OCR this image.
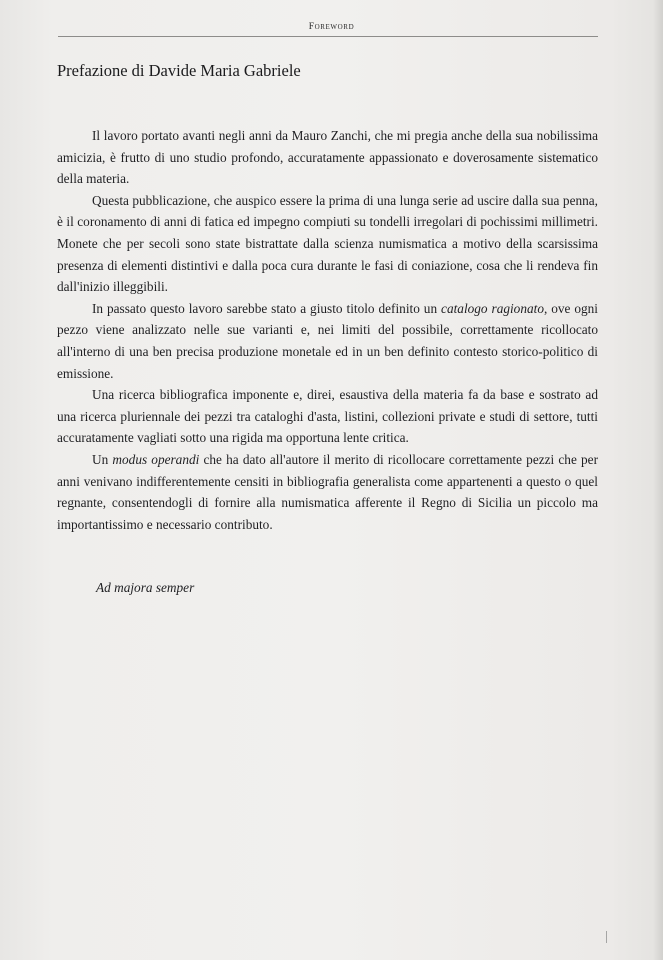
Foreword
Prefazione di Davide Maria Gabriele

Il lavoro portato avanti negli anni da Mauro Zanchi, che mi pregia anche della sua nobilissima amicizia, è frutto di uno studio profondo, accuratamente appassionato e doverosamente sistematico della materia.

Questa pubblicazione, che auspico essere la prima di una lunga serie ad uscire dalla sua penna, è il coronamento di anni di fatica ed impegno compiuti su tondelli irregolari di pochissimi millimetri. Monete che per secoli sono state bistrattate dalla scienza numismatica a motivo della scarsissima presenza di elementi distintivi e dalla poca cura durante le fasi di coniazione, cosa che li rendeva fin dall'inizio illeggibili.

In passato questo lavoro sarebbe stato a giusto titolo definito un catalogo ragionato, ove ogni pezzo viene analizzato nelle sue varianti e, nei limiti del possibile, correttamente ricollocato all'interno di una ben precisa produzione monetale ed in un ben definito contesto storico-politico di emissione.

Una ricerca bibliografica imponente e, direi, esaustiva della materia fa da base e sostrato ad una ricerca pluriennale dei pezzi tra cataloghi d'asta, listini, collezioni private e studi di settore, tutti accuratamente vagliati sotto una rigida ma opportuna lente critica.

Un modus operandi che ha dato all'autore il merito di ricollocare correttamente pezzi che per anni venivano indifferentemente censiti in bibliografia generalista come appartenenti a questo o quel regnante, consentendogli di fornire alla numismatica afferente il Regno di Sicilia un piccolo ma importantissimo e necessario contributo.

Ad majora semper
